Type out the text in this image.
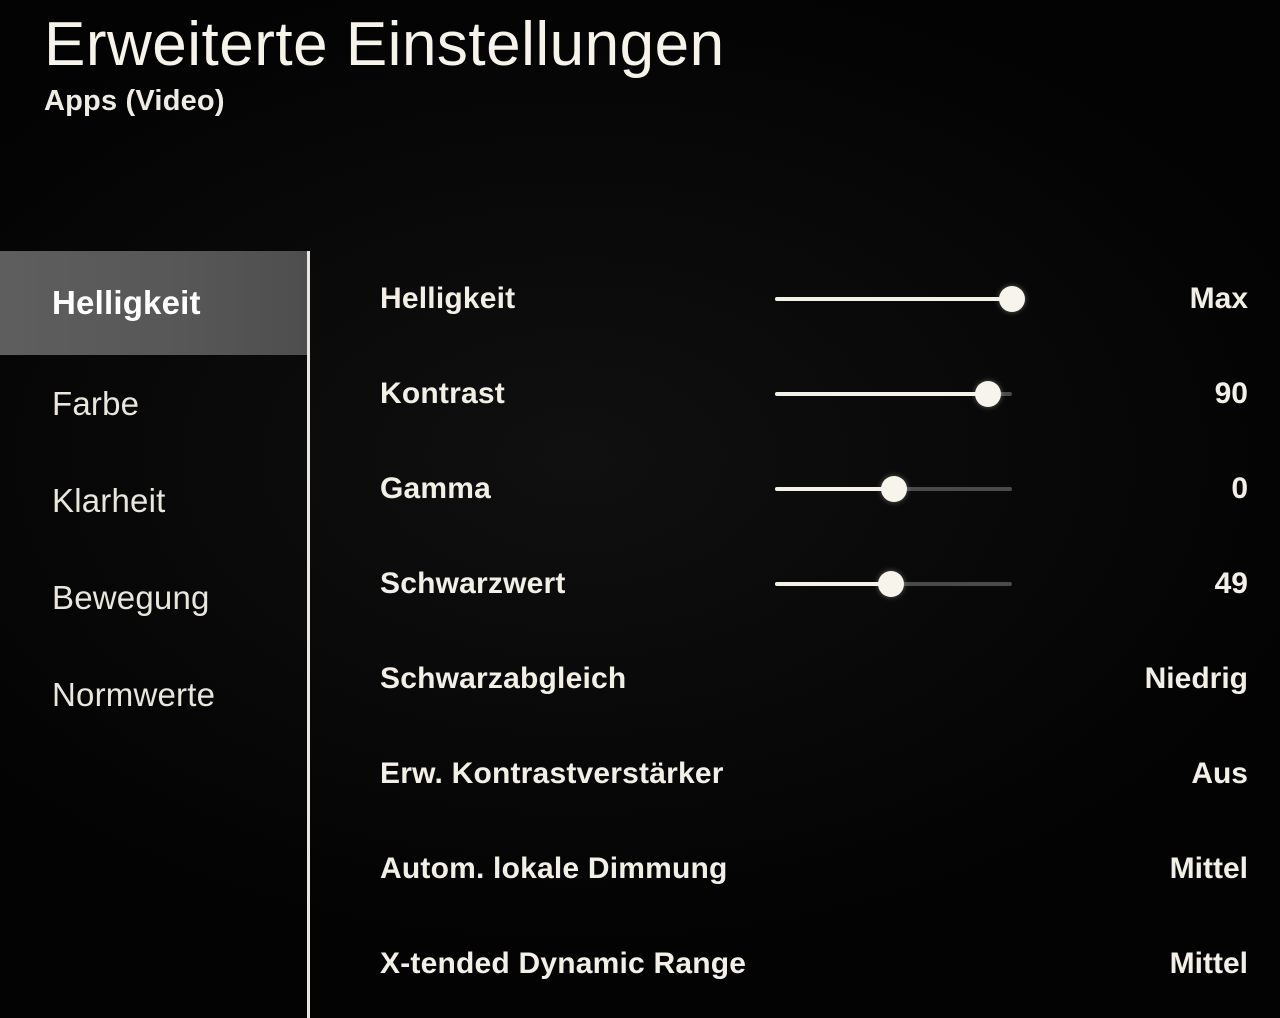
Erweiterte Einstellungen
Apps (Video)
Helligkeit
Farbe
Klarheit
Bewegung
Normwerte
Helligkeit	Max
Kontrast	90
Gamma	0
Schwarzwert	49
Schwarzabgleich	Niedrig
Erw. Kontrastverstärker	Aus
Autom. lokale Dimmung	Mittel
X-tended Dynamic Range	Mittel
